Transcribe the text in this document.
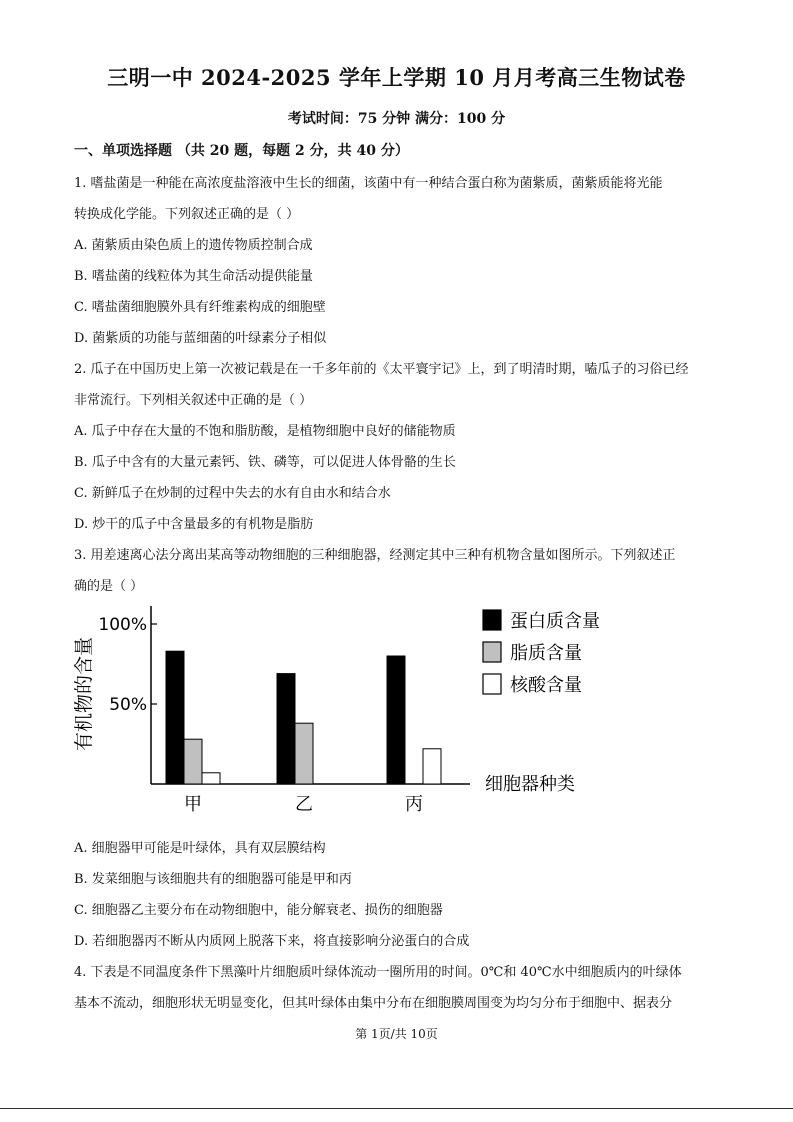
三明一中 2024-2025 学年上学期 10 月月考高三生物试卷
考试时间：75 分钟 满分：100 分
一、单项选择题 （共 20 题，每题 2 分，共 40 分）
1. 嗜盐菌是一种能在高浓度盐溶液中生长的细菌，该菌中有一种结合蛋白称为菌紫质，菌紫质能将光能
转换成化学能。下列叙述正确的是（ ）
A. 菌紫质由染色质上的遗传物质控制合成
B. 嗜盐菌的线粒体为其生命活动提供能量
C. 嗜盐菌细胞膜外具有纤维素构成的细胞壁
D. 菌紫质的功能与蓝细菌的叶绿素分子相似
2. 瓜子在中国历史上第一次被记载是在一千多年前的《太平寰宇记》上，到了明清时期，嗑瓜子的习俗已经
非常流行。下列相关叙述中正确的是（ ）
A. 瓜子中存在大量的不饱和脂肪酸，是植物细胞中良好的储能物质
B. 瓜子中含有的大量元素钙、铁、磷等，可以促进人体骨骼的生长
C. 新鲜瓜子在炒制的过程中失去的水有自由水和结合水
D. 炒干的瓜子中含量最多的有机物是脂肪
3. 用差速离心法分离出某高等动物细胞的三种细胞器，经测定其中三种有机物含量如图所示。下列叙述正
确的是（ ）
100%
50%
有机物的含量
细胞器种类
甲	乙	丙
蛋白质含量
脂质含量
核酸含量
A. 细胞器甲可能是叶绿体，具有双层膜结构
B. 发菜细胞与该细胞共有的细胞器可能是甲和丙
C. 细胞器乙主要分布在动物细胞中，能分解衰老、损伤的细胞器
D. 若细胞器丙不断从内质网上脱落下来，将直接影响分泌蛋白的合成
4. 下表是不同温度条件下黑藻叶片细胞质叶绿体流动一圈所用的时间。0℃和 40℃水中细胞质内的叶绿体
基本不流动，细胞形状无明显变化，但其叶绿体由集中分布在细胞膜周围变为均匀分布于细胞中、据表分
第 1页/共 10页
